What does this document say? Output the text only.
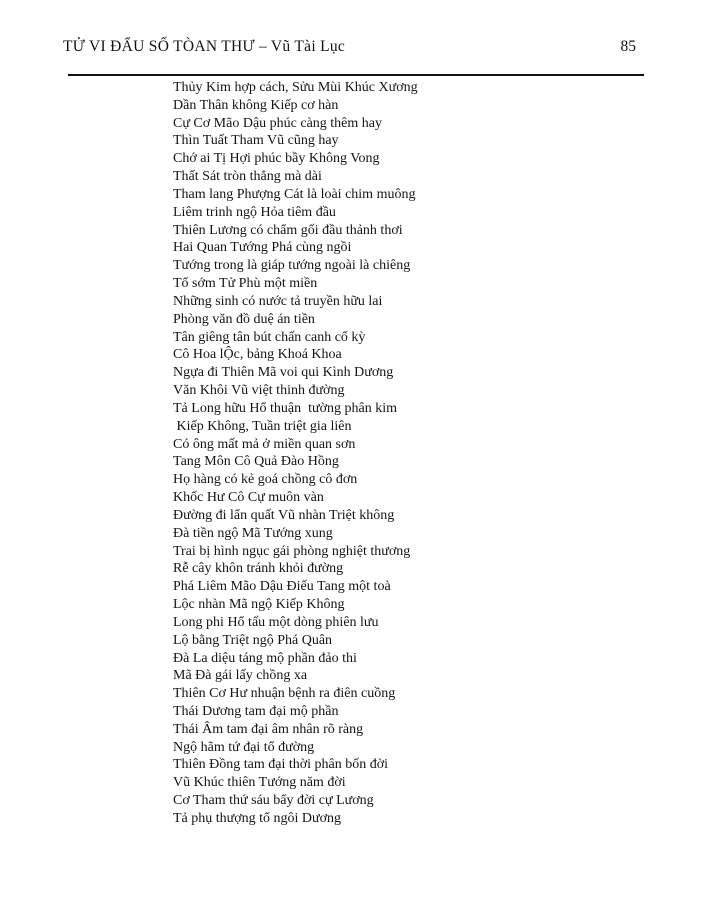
TỬ VI ĐẨU SỐ TÒAN THƯ – Vũ Tài Lục	85
Thủy Kim hợp cách, Sửu Mùi Khúc Xương
Dần Thân không Kiếp cơ hàn
Cự Cơ Mão Dậu phúc càng thêm hay
Thìn Tuất Tham Vũ cũng hay
Chớ ai Tị Hợi phúc bầy Không Vong
Thất Sát tròn thẳng mà dài
Tham lang Phượng Cát là loài chim muông
Liêm trinh ngộ Hỏa tiêm đầu
Thiên Lương có chẩm gối đầu thảnh thơi
Hai Quan Tướng Phá cùng ngồi
Tướng trong là giáp tướng ngoài là chiêng
Tổ sớm Tử Phù một miền
Những sinh có nước tả truyền hữu lai
Phòng văn đồ duệ án tiền
Tân giêng tân bút chấn canh cổ kỳ
Cô Hoa lỘc, bảng Khoá Khoa
Ngựa đi Thiên Mã voi qui Kình Dương
Văn Khôi Vũ việt thinh đường
Tả Long hữu Hổ thuận  tường phân kim
Kiếp Không, Tuần triệt gia liên
Có ông mất mả ở miền quan sơn
Tang Môn Cô Quả Đào Hồng
Họ hàng có kẻ goá chồng cô đơn
Khốc Hư Cô Cự muôn vàn
Đường đi lẩn quất Vũ nhàn Triệt không
Đà tiền ngộ Mã Tướng xung
Trai bị hình ngục gái phòng nghiệt thương
Rễ cây khôn tránh khỏi đường
Phá Liêm Mão Dậu Điếu Tang một toà
Lộc nhàn Mã ngộ Kiếp Không
Long phi Hổ tấu một dòng phiên lưu
Lộ bằng Triệt ngộ Phá Quân
Đà La diệu táng mộ phần đảo thi
Mã Đà gái lấy chồng xa
Thiên Cơ Hư nhuận bệnh ra điên cuồng
Thái Dương tam đại mộ phần
Thái Âm tam đại âm nhân rõ ràng
Ngộ hãm tứ đại tổ đường
Thiên Đồng tam đại thời phân bốn đời
Vũ Khúc thiên Tướng năm đời
Cơ Tham thứ sáu bẩy đời cự Lương
Tả phụ thượng tổ ngôi Dương
